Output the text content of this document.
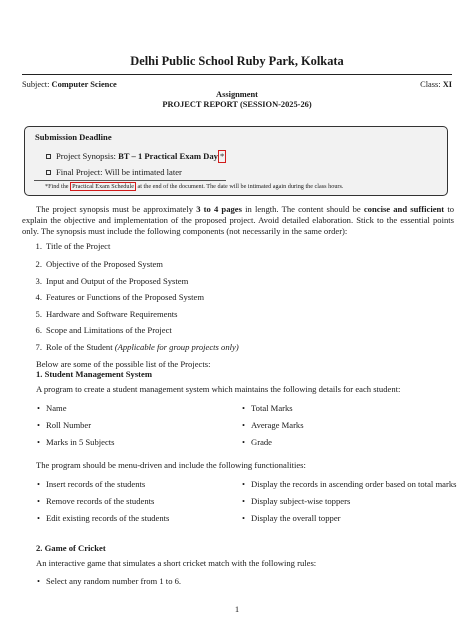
Delhi Public School Ruby Park, Kolkata
Subject: Computer Science	Class: XI
Assignment
PROJECT REPORT (SESSION-2025-26)
Submission Deadline
Project Synopsis:
BT – 1 Practical Exam Day *
Final Project:
Will be intimated later
*Find the Practical Exam Schedule at the end of the document. The date will be intimated again during the class hours.
The project synopsis must be approximately 3 to 4 pages in length. The content should be concise and sufficient to explain the objective and implementation of the proposed project. Avoid detailed elaboration. Stick to the essential points only. The synopsis must include the following components (not necessarily in the same order):
1. Title of the Project
2. Objective of the Proposed System
3. Input and Output of the Proposed System
4. Features or Functions of the Proposed System
5. Hardware and Software Requirements
6. Scope and Limitations of the Project
7. Role of the Student (Applicable for group projects only)
Below are some of the possible list of the Projects:
1. Student Management System
A program to create a student management system which maintains the following details for each student:
• Name
• Roll Number
• Marks in 5 Subjects
• Total Marks
• Average Marks
• Grade
The program should be menu-driven and include the following functionalities:
• Insert records of the students
• Remove records of the students
• Edit existing records of the students
• Display the records in ascending order based on total marks
• Display subject-wise toppers
• Display the overall topper
2. Game of Cricket
An interactive game that simulates a short cricket match with the following rules:
• Select any random number from 1 to 6.
1
